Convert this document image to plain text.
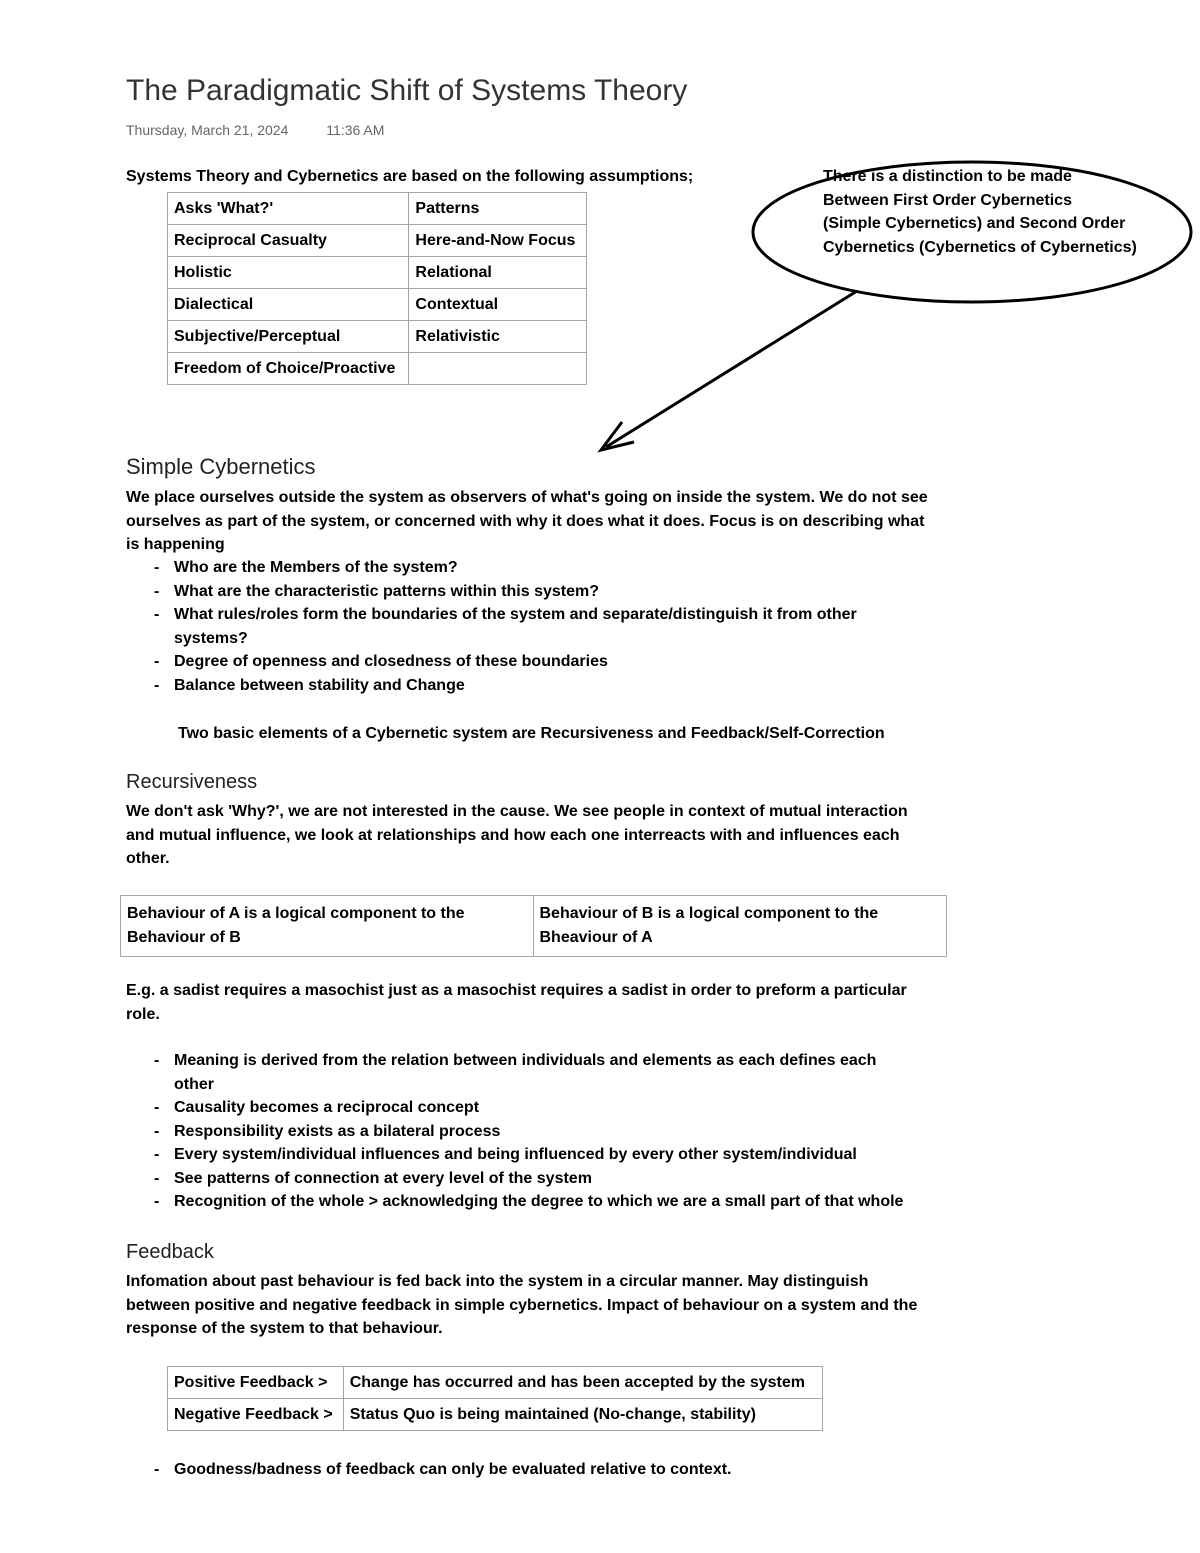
The Paradigmatic Shift of Systems Theory
Thursday, March 21, 2024	11:36 AM
Systems Theory and Cybernetics are based on the following assumptions;
Asks 'What?'	Patterns
Reciprocal Casualty	Here-and-Now Focus
Holistic	Relational
Dialectical	Contextual
Subjective/Perceptual	Relativistic
Freedom of Choice/Proactive	
There is a distinction to be made
Between First Order Cybernetics
(Simple Cybernetics) and Second Order
Cybernetics (Cybernetics of Cybernetics)
Simple Cybernetics
We place ourselves outside the system as observers of what's going on inside the system. We do not see
ourselves as part of the system, or concerned with why it does what it does. Focus is on describing what
is happening
- Who are the Members of the system?
- What are the characteristic patterns within this system?
- What rules/roles form the boundaries of the system and separate/distinguish it from other systems?
- Degree of openness and closedness of these boundaries
- Balance between stability and Change
Two basic elements of a Cybernetic system are Recursiveness and Feedback/Self-Correction
Recursiveness
We don't ask 'Why?', we are not interested in the cause. We see people in context of mutual interaction
and mutual influence, we look at relationships and how each one interreacts with and influences each
other.
Behaviour of A is a logical component to the Behaviour of B	Behaviour of B is a logical component to the Bheaviour of A
E.g. a sadist requires a masochist just as a masochist requires a sadist in order to preform a particular
role.
- Meaning is derived from the relation between individuals and elements as each defines each other
- Causality becomes a reciprocal concept
- Responsibility exists as a bilateral process
- Every system/individual influences and being influenced by every other system/individual
- See patterns of connection at every level of the system
- Recognition of the whole > acknowledging the degree to which we are a small part of that whole
Feedback
Infomation about past behaviour is fed back into the system in a circular manner. May distinguish
between positive and negative feedback in simple cybernetics. Impact of behaviour on a system and the
response of the system to that behaviour.
Positive Feedback >	Change has occurred and has been accepted by the system
Negative Feedback >	Status Quo is being maintained (No-change, stability)
- Goodness/badness of feedback can only be evaluated relative to context.
